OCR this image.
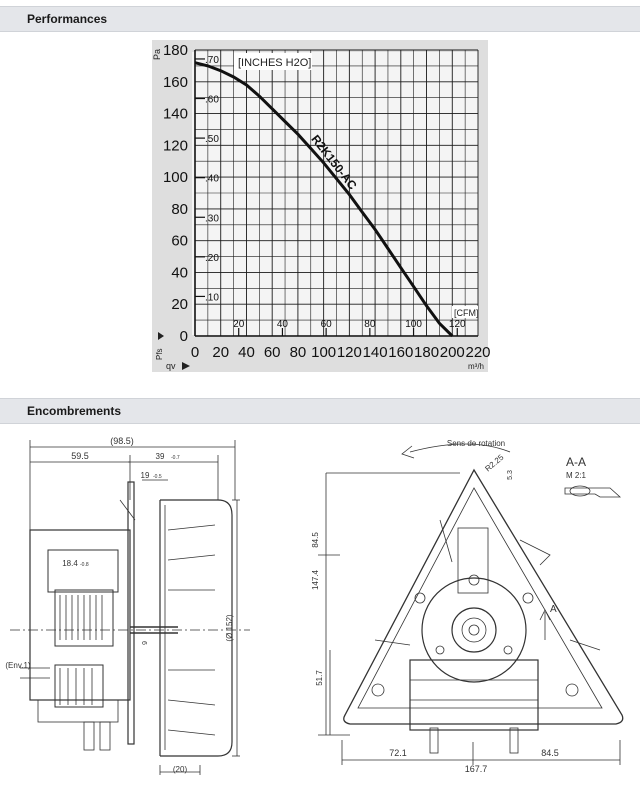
Performances
Encombrements
0
20
40
60
80
100
120
140
160
180
0 20 40 60 80 100 120 140 160 180 200 220
.10
.20
.30
.40
.50
.60
.70
20	40	60	80	100	120
R2K150-AC
[INCHES H2O]
[CFM]
Pa
Pfs
qv	m³/h
(98.5)
59.5	39 -0.7
19 -0.5
18.4 -0.8
6
(Env.1)
(Ø 152)
(20)
147.4
84.5
51.7
72.1	84.5
167.7
R2.25
5.3
Sens de rotation
A-A
M 2:1
A
